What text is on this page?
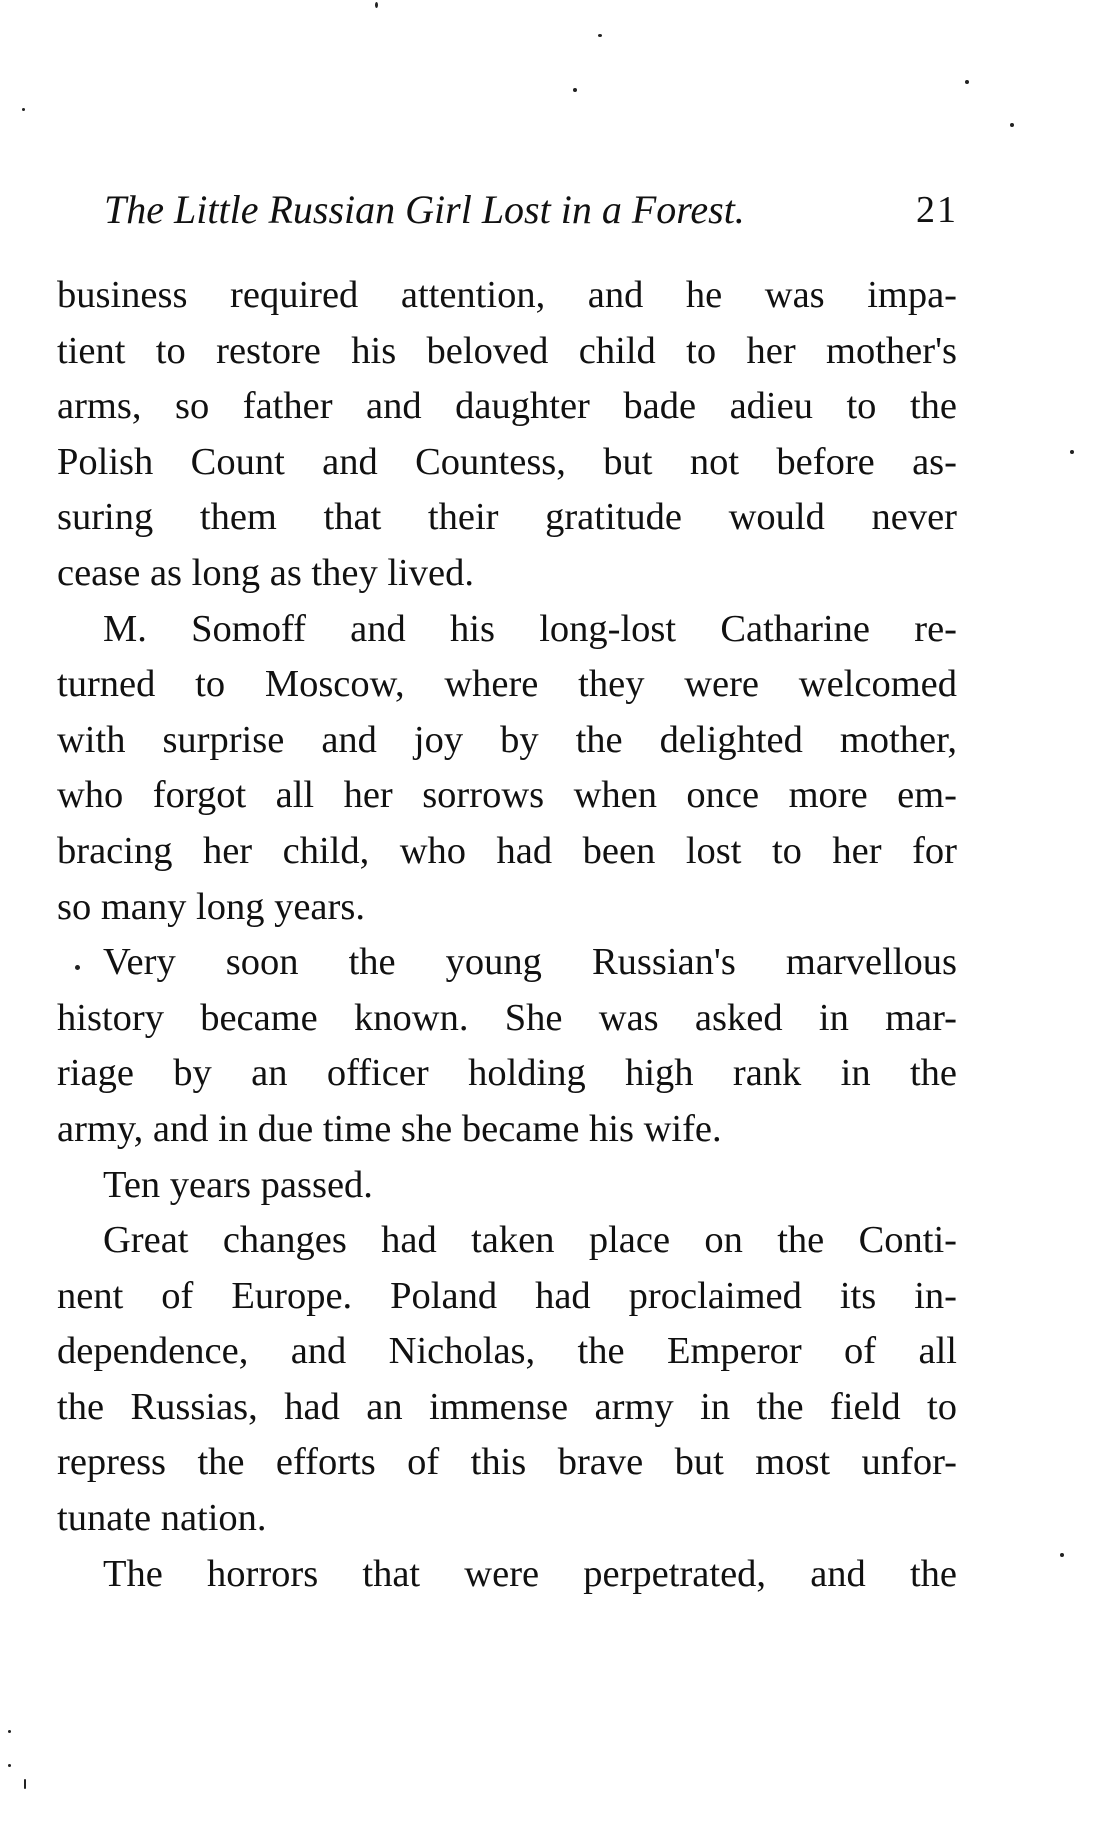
The Little Russian Girl Lost in a Forest.	21
business required attention, and he was impa-
tient to restore his beloved child to her mother's
arms, so father and daughter bade adieu to the
Polish Count and Countess, but not before as-
suring them that their gratitude would never
cease as long as they lived.
M. Somoff and his long-lost Catharine re-
turned to Moscow, where they were welcomed
with surprise and joy by the delighted mother,
who forgot all her sorrows when once more em-
bracing her child, who had been lost to her for
so many long years.
Very soon the young Russian's marvellous
history became known. She was asked in mar-
riage by an officer holding high rank in the
army, and in due time she became his wife.
Ten years passed.
Great changes had taken place on the Conti-
nent of Europe. Poland had proclaimed its in-
dependence, and Nicholas, the Emperor of all
the Russias, had an immense army in the field to
repress the efforts of this brave but most unfor-
tunate nation.
The horrors that were perpetrated, and the
